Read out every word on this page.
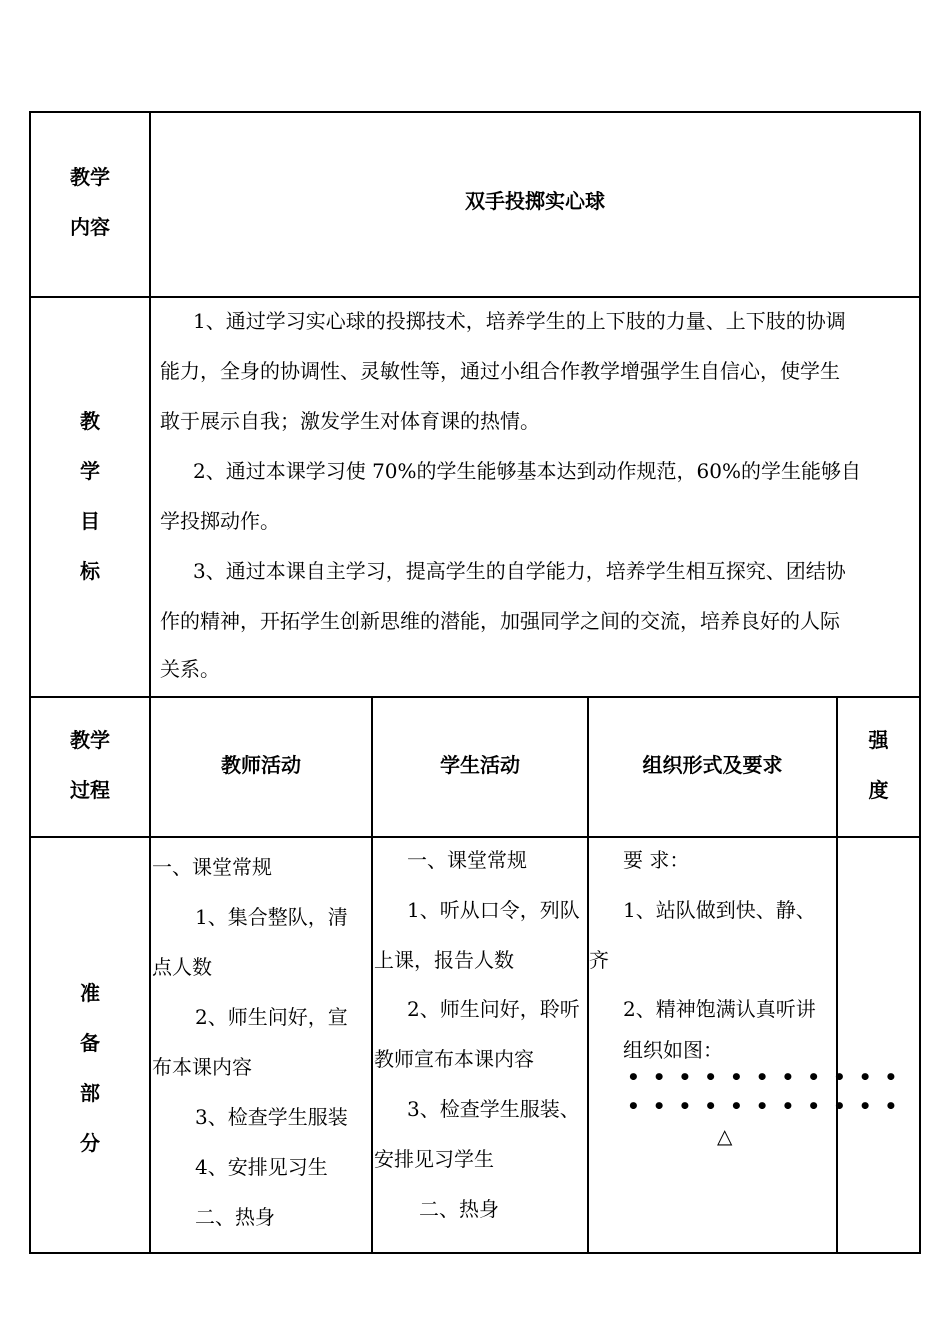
教学
内容
双手投掷实心球
教
学
目
标
1、通过学习实心球的投掷技术，培养学生的上下肢的力量、上下肢的协调
能力，全身的协调性、灵敏性等，通过小组合作教学增强学生自信心，使学生
敢于展示自我；激发学生对体育课的热情。
2、通过本课学习使 70%的学生能够基本达到动作规范，60%的学生能够自
学投掷动作。
3、通过本课自主学习，提高学生的自学能力，培养学生相互探究、团结协
作的精神，开拓学生创新思维的潜能，加强同学之间的交流，培养良好的人际
关系。
教学
过程
教师活动	学生活动	组织形式及要求
强
度
准
备
部
分
一、课堂常规
1、集合整队，清
点人数
2、师生问好，宣
布本课内容
3、检查学生服装
4、安排见习生
二、热身
一、课堂常规
1、听从口令，列队
上课，报告人数
2、师生问好，聆听
教师宣布本课内容
3、检查学生服装、
安排见习学生
二、热身
要 求：
1、站队做到快、静、
齐
2、精神饱满认真听讲
组织如图：
• • • • • • • • • • •
• • • • • • • • • • •
△
